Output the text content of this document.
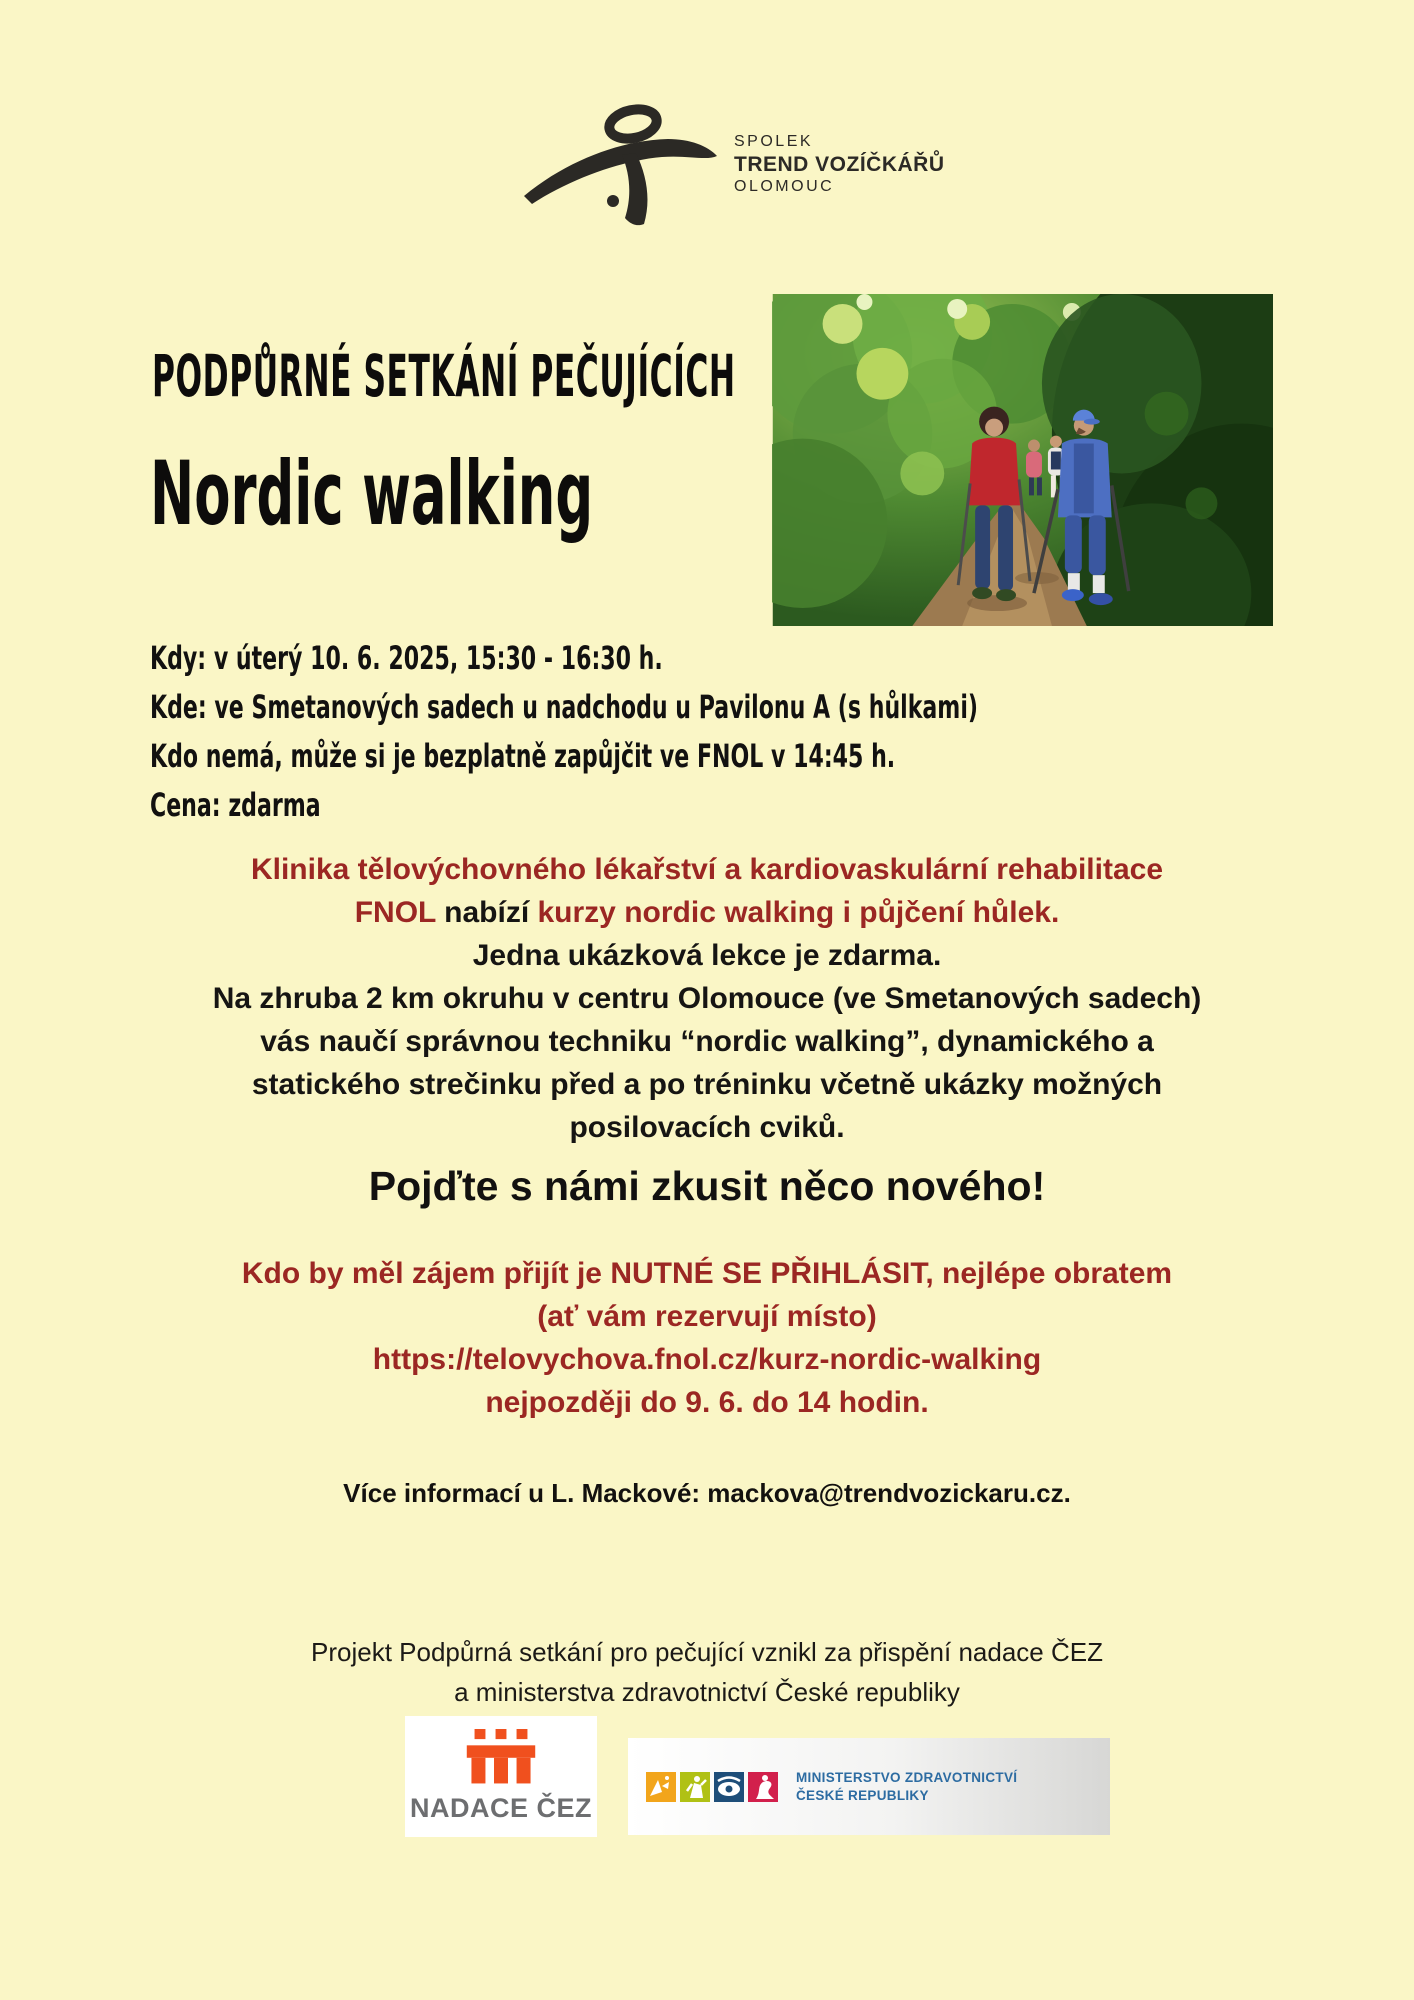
SPOLEK
TREND VOZÍČKÁŘŮ
OLOMOUC
PODPŮRNÉ SETKÁNÍ PEČUJÍCÍCH
Nordic walking
Kdy: v úterý 10. 6. 2025, 15:30 - 16:30 h.
Kde: ve Smetanových sadech u nadchodu u Pavilonu A (s hůlkami)
Kdo nemá, může si je bezplatně zapůjčit ve FNOL v 14:45 h.
Cena: zdarma
Klinika tělovýchovného lékařství a kardiovaskulární rehabilitace
FNOL nabízí kurzy nordic walking i půjčení hůlek.
Jedna ukázková lekce je zdarma.
Na zhruba 2 km okruhu v centru Olomouce (ve Smetanových sadech)
vás naučí správnou techniku “nordic walking”, dynamického a
statického strečinku před a po tréninku včetně ukázky možných
posilovacích cviků.
Pojďte s námi zkusit něco nového!
Kdo by měl zájem přijít je NUTNÉ SE PŘIHLÁSIT, nejlépe obratem
(ať vám rezervují místo)
https://telovychova.fnol.cz/kurz-nordic-walking
nejpozději do 9. 6. do 14 hodin.
Více informací u L. Mackové: mackova@trendvozickaru.cz.
Projekt Podpůrná setkání pro pečující vznikl za přispění nadace ČEZ
a ministerstva zdravotnictví České republiky
NADACE ČEZ
MINISTERSTVO ZDRAVOTNICTVÍ
ČESKÉ REPUBLIKY
